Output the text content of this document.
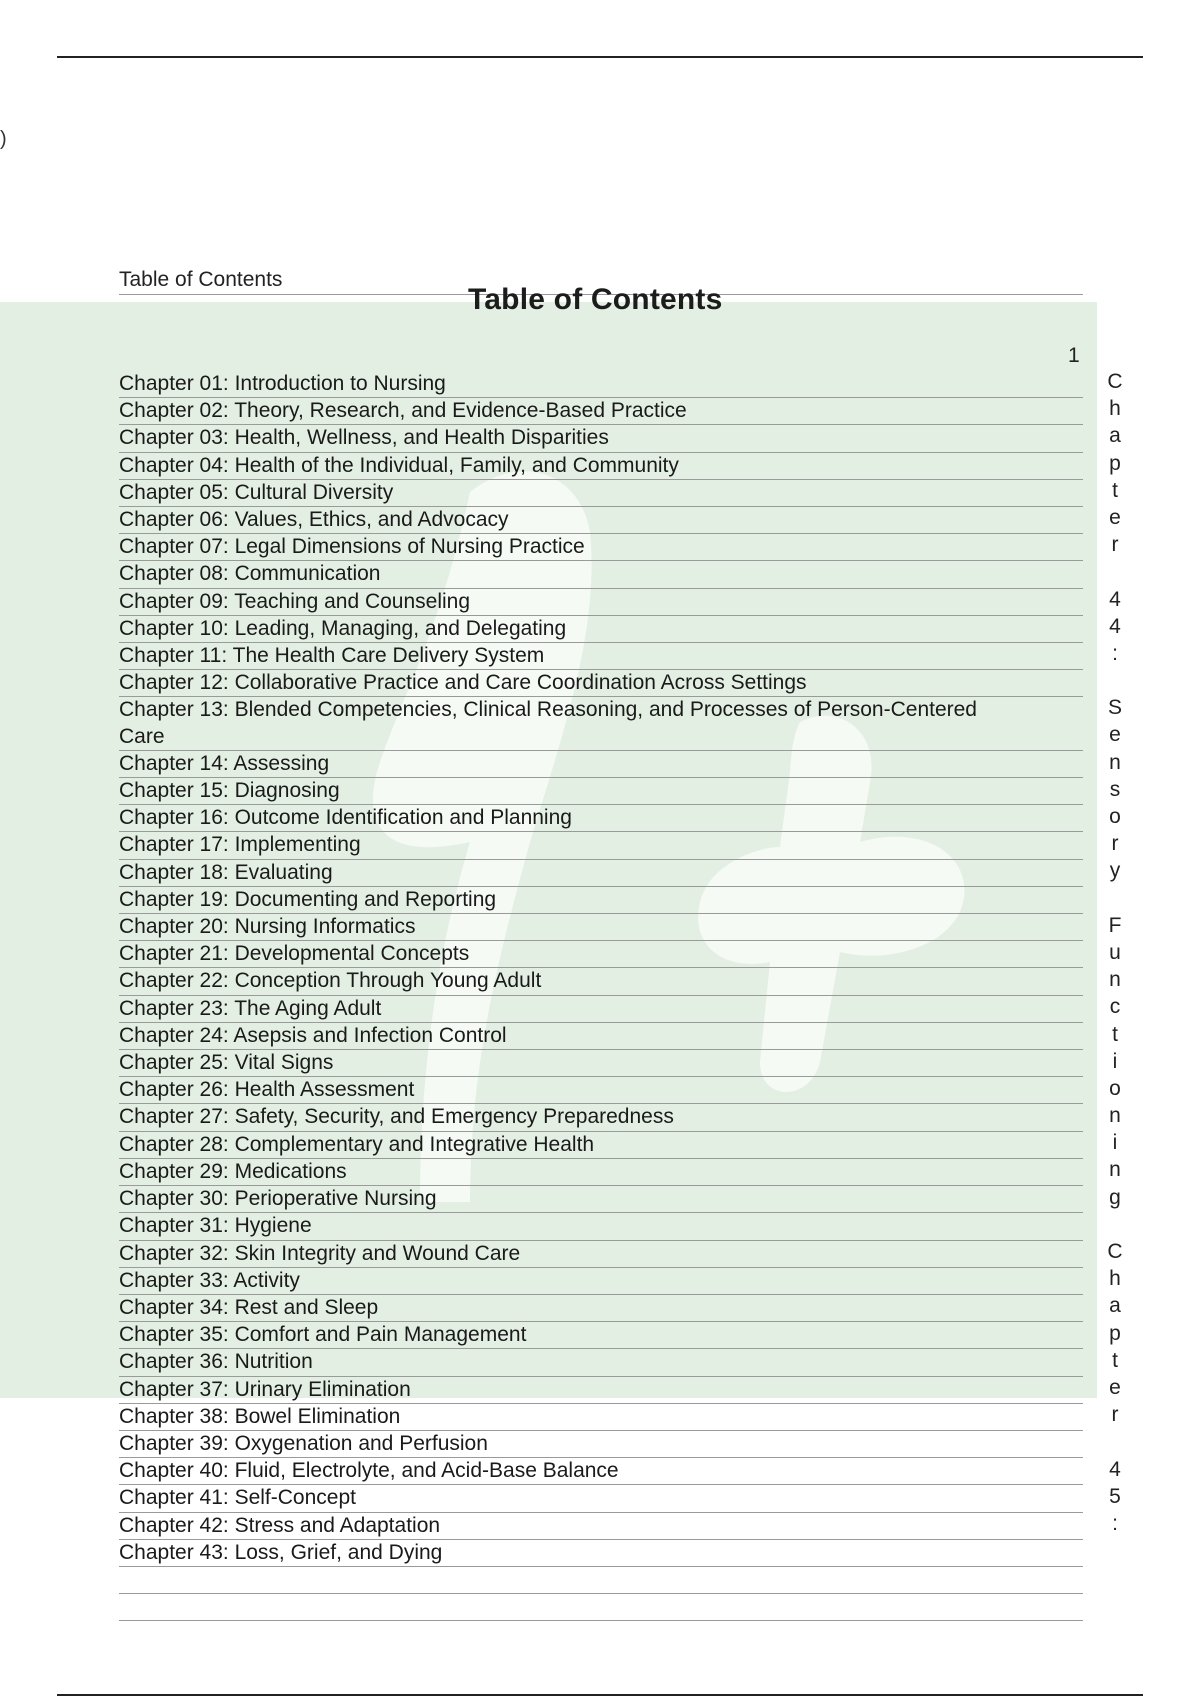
)
Table of Contents
Table of Contents
1
Chapter 01: Introduction to Nursing
Chapter 02: Theory, Research, and Evidence-Based Practice
Chapter 03: Health, Wellness, and Health Disparities
Chapter 04: Health of the Individual, Family, and Community
Chapter 05: Cultural Diversity
Chapter 06: Values, Ethics, and Advocacy
Chapter 07: Legal Dimensions of Nursing Practice
Chapter 08: Communication
Chapter 09: Teaching and Counseling
Chapter 10: Leading, Managing, and Delegating
Chapter 11: The Health Care Delivery System
Chapter 12: Collaborative Practice and Care Coordination Across Settings
Chapter 13: Blended Competencies, Clinical Reasoning, and Processes of Person-Centered Care
Chapter 14: Assessing
Chapter 15: Diagnosing
Chapter 16: Outcome Identification and Planning
Chapter 17: Implementing
Chapter 18: Evaluating
Chapter 19: Documenting and Reporting
Chapter 20: Nursing Informatics
Chapter 21: Developmental Concepts
Chapter 22: Conception Through Young Adult
Chapter 23: The Aging Adult
Chapter 24: Asepsis and Infection Control
Chapter 25: Vital Signs
Chapter 26: Health Assessment
Chapter 27: Safety, Security, and Emergency Preparedness
Chapter 28: Complementary and Integrative Health
Chapter 29: Medications
Chapter 30: Perioperative Nursing
Chapter 31: Hygiene
Chapter 32: Skin Integrity and Wound Care
Chapter 33: Activity
Chapter 34: Rest and Sleep
Chapter 35: Comfort and Pain Management
Chapter 36: Nutrition
Chapter 37: Urinary Elimination
Chapter 38: Bowel Elimination
Chapter 39: Oxygenation and Perfusion
Chapter 40: Fluid, Electrolyte, and Acid-Base Balance
Chapter 41: Self-Concept
Chapter 42: Stress and Adaptation
Chapter 43: Loss, Grief, and Dying
C
h
a
p
t
e
r

4
4
:

S
e
n
s
o
r
y

F
u
n
c
t
i
o
n
i
n
g

C
h
a
p
t
e
r

4
5
:
